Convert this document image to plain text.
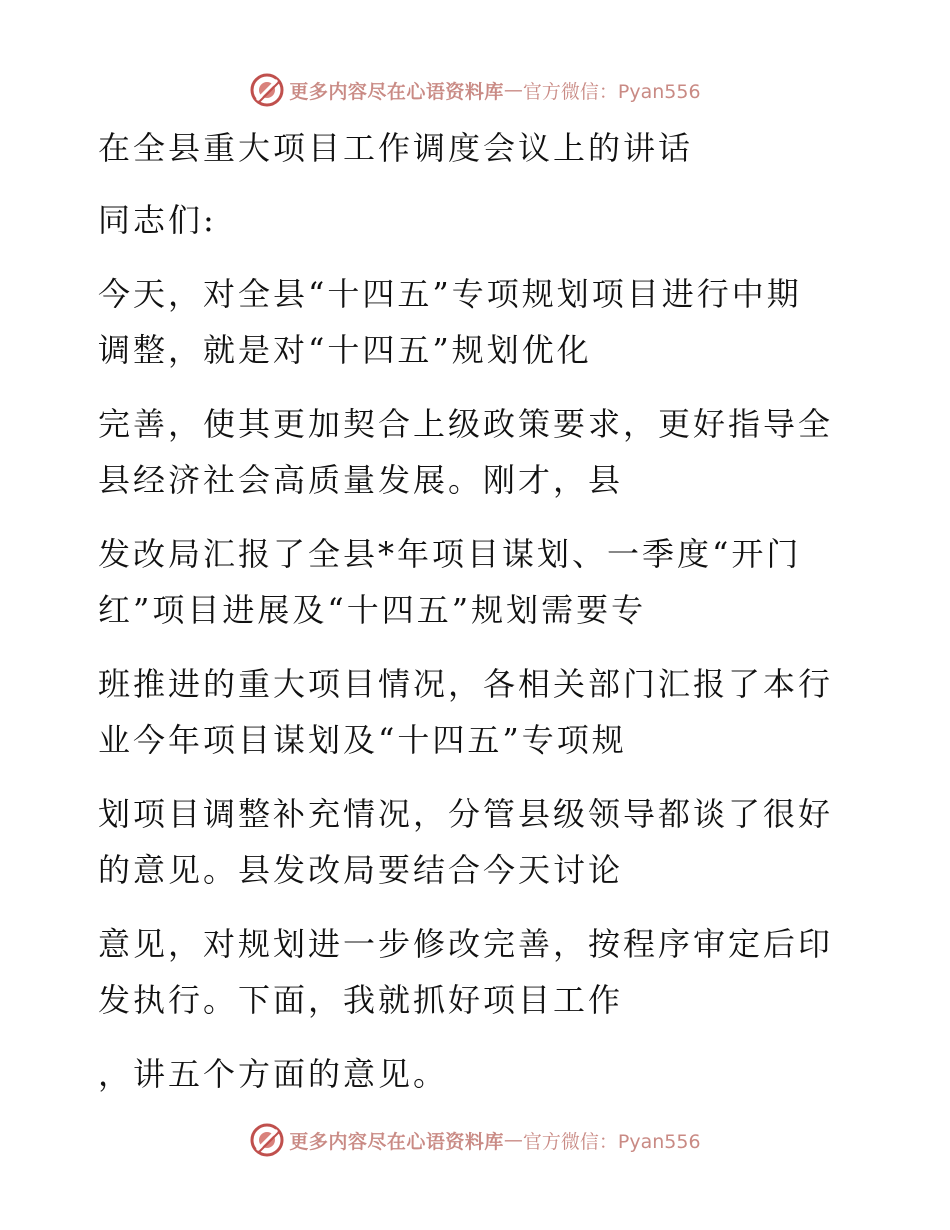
更多内容尽在心语资料库 — 官方微信：Pyan556
在全县重大项目工作调度会议上的讲话
同志们:
今天，对全县“十四五”专项规划项目进行中期
调整，就是对“十四五”规划优化
完善，使其更加契合上级政策要求，更好指导全
县经济社会高质量发展。刚才，县
发改局汇报了全县*年项目谋划、一季度“开门
红”项目进展及“十四五”规划需要专
班推进的重大项目情况，各相关部门汇报了本行
业今年项目谋划及“十四五”专项规
划项目调整补充情况，分管县级领导都谈了很好
的意见。县发改局要结合今天讨论
意见，对规划进一步修改完善，按程序审定后印
发执行。下面，我就抓好项目工作
，讲五个方面的意见。
更多内容尽在心语资料库 — 官方微信：Pyan556
